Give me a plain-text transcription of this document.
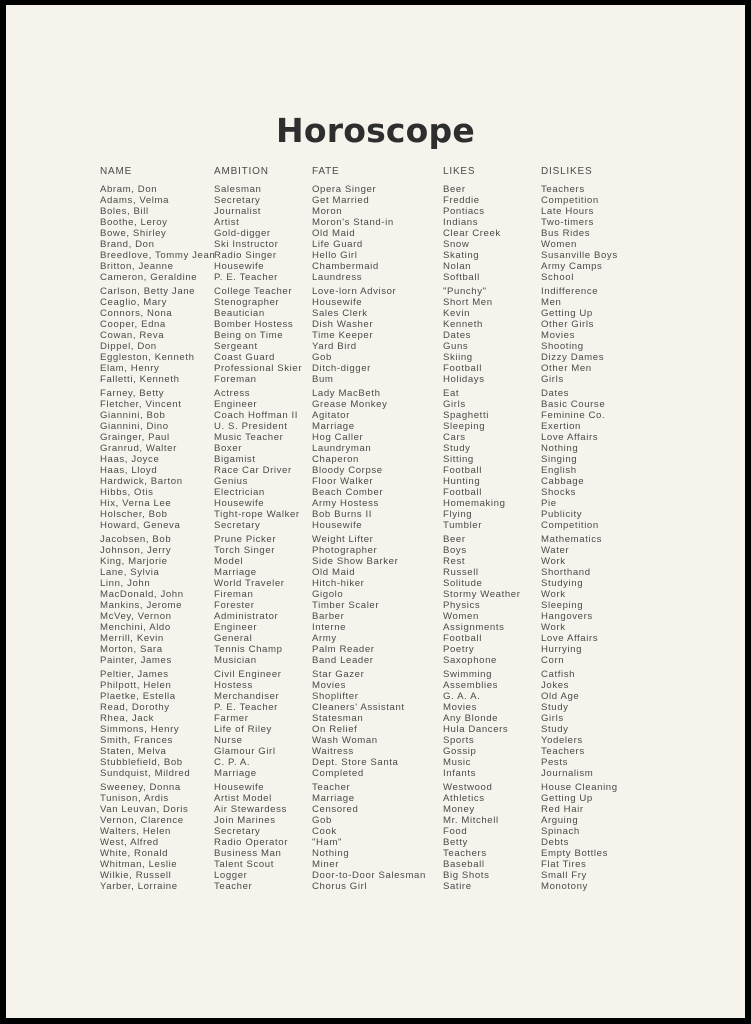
Horoscope
NAME
Abram, Don
Adams, Velma
Boles, Bill
Boothe, Leroy
Bowe, Shirley
Brand, Don
Breedlove, Tommy Jean
Britton, Jeanne
Cameron, Geraldine
Carlson, Betty Jane
Ceaglio, Mary
Connors, Nona
Cooper, Edna
Cowan, Reva
Dippel, Don
Eggleston, Kenneth
Elam, Henry
Falletti, Kenneth
Farney, Betty
Fletcher, Vincent
Giannini, Bob
Giannini, Dino
Grainger, Paul
Granrud, Walter
Haas, Joyce
Haas, Lloyd
Hardwick, Barton
Hibbs, Otis
Hix, Verna Lee
Holscher, Bob
Howard, Geneva
Jacobsen, Bob
Johnson, Jerry
King, Marjorie
Lane, Sylvia
Linn, John
MacDonald, John
Mankins, Jerome
McVey, Vernon
Menchini, Aldo
Merrill, Kevin
Morton, Sara
Painter, James
Peltier, James
Philpott, Helen
Plaetke, Estella
Read, Dorothy
Rhea, Jack
Simmons, Henry
Smith, Frances
Staten, Melva
Stubblefield, Bob
Sundquist, Mildred
Sweeney, Donna
Tunison, Ardis
Van Leuvan, Doris
Vernon, Clarence
Walters, Helen
West, Alfred
White, Ronald
Whitman, Leslie
Wilkie, Russell
Yarber, Lorraine
AMBITION
Salesman
Secretary
Journalist
Artist
Gold-digger
Ski Instructor
Radio Singer
Housewife
P. E. Teacher
College Teacher
Stenographer
Beautician
Bomber Hostess
Being on Time
Sergeant
Coast Guard
Professional Skier
Foreman
Actress
Engineer
Coach Hoffman II
U. S. President
Music Teacher
Boxer
Bigamist
Race Car Driver
Genius
Electrician
Housewife
Tight-rope Walker
Secretary
Prune Picker
Torch Singer
Model
Marriage
World Traveler
Fireman
Forester
Administrator
Engineer
General
Tennis Champ
Musician
Civil Engineer
Hostess
Merchandiser
P. E. Teacher
Farmer
Life of Riley
Nurse
Glamour Girl
C. P. A.
Marriage
Housewife
Artist Model
Air Stewardess
Join Marines
Secretary
Radio Operator
Business Man
Talent Scout
Logger
Teacher
FATE
Opera Singer
Get Married
Moron
Moron's Stand-in
Old Maid
Life Guard
Hello Girl
Chambermaid
Laundress
Love-lorn Advisor
Housewife
Sales Clerk
Dish Washer
Time Keeper
Yard Bird
Gob
Ditch-digger
Bum
Lady MacBeth
Grease Monkey
Agitator
Marriage
Hog Caller
Laundryman
Chaperon
Bloody Corpse
Floor Walker
Beach Comber
Army Hostess
Bob Burns II
Housewife
Weight Lifter
Photographer
Side Show Barker
Old Maid
Hitch-hiker
Gigolo
Timber Scaler
Barber
Interne
Army
Palm Reader
Band Leader
Star Gazer
Movies
Shoplifter
Cleaners' Assistant
Statesman
On Relief
Wash Woman
Waitress
Dept. Store Santa
Completed
Teacher
Marriage
Censored
Gob
Cook
"Ham"
Nothing
Miner
Door-to-Door Salesman
Chorus Girl
LIKES
Beer
Freddie
Pontiacs
Indians
Clear Creek
Snow
Skating
Nolan
Softball
"Punchy"
Short Men
Kevin
Kenneth
Dates
Guns
Skiing
Football
Holidays
Eat
Girls
Spaghetti
Sleeping
Cars
Study
Sitting
Football
Hunting
Football
Homemaking
Flying
Tumbler
Beer
Boys
Rest
Russell
Solitude
Stormy Weather
Physics
Women
Assignments
Football
Poetry
Saxophone
Swimming
Assemblies
G. A. A.
Movies
Any Blonde
Hula Dancers
Sports
Gossip
Music
Infants
Westwood
Athletics
Money
Mr. Mitchell
Food
Betty
Teachers
Baseball
Big Shots
Satire
DISLIKES
Teachers
Competition
Late Hours
Two-timers
Bus Rides
Women
Susanville Boys
Army Camps
School
Indifference
Men
Getting Up
Other Girls
Movies
Shooting
Dizzy Dames
Other Men
Girls
Dates
Basic Course
Feminine Co.
Exertion
Love Affairs
Nothing
Singing
English
Cabbage
Shocks
Pie
Publicity
Competition
Mathematics
Water
Work
Shorthand
Studying
Work
Sleeping
Hangovers
Work
Love Affairs
Hurrying
Corn
Catfish
Jokes
Old Age
Study
Girls
Study
Yodelers
Teachers
Pests
Journalism
House Cleaning
Getting Up
Red Hair
Arguing
Spinach
Debts
Empty Bottles
Flat Tires
Small Fry
Monotony
